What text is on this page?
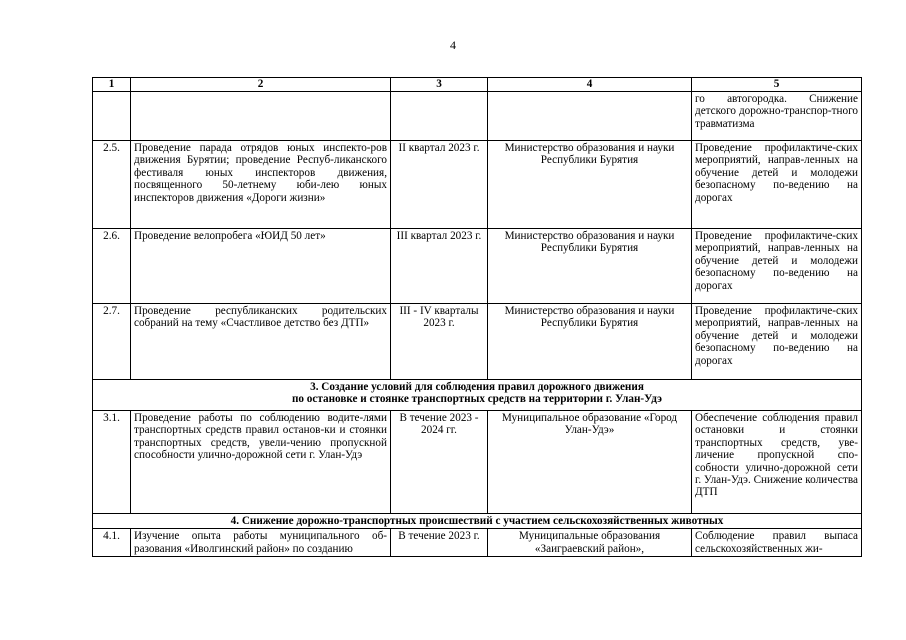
4
1	2	3	4	5
				го автогородка. Снижение детского дорожно-транспор-тного травматизма
2.5.	Проведение парада отрядов юных инспекто-ров движения Бурятии; проведение Респуб-ликанского фестиваля юных инспекторов движения, посвященного 50-летнему юби-лею юных инспекторов движения «Дороги жизни»	II квартал 2023 г.	Министерство образования и науки Республики Бурятия	Проведение профилактиче-ских мероприятий, направ-ленных на обучение детей и молодежи безопасному по-ведению на дорогах
2.6.	Проведение велопробега «ЮИД 50 лет»	III квартал 2023 г.	Министерство образования и науки Республики Бурятия	Проведение профилактиче-ских мероприятий, направ-ленных на обучение детей и молодежи безопасному по-ведению на дорогах
2.7.	Проведение республиканских родительских собраний на тему «Счастливое детство без ДТП»	III - IV кварталы 2023 г.	Министерство образования и науки Республики Бурятия	Проведение профилактиче-ских мероприятий, направ-ленных на обучение детей и молодежи безопасному по-ведению на дорогах

3. Создание условий для соблюдения правил дорожного движения
по остановке и стоянке транспортных средств на территории г. Улан-Удэ				

3.1.	Проведение работы по соблюдению водите-лями транспортных средств правил останов-ки и стоянки транспортных средств, увели-чению пропускной способности улично-дорожной сети г. Улан-Удэ	В течение 2023 - 2024 гг.	Муниципальное образование «Город Улан-Удэ»	Обеспечение соблюдения правил остановки и стоянки транспортных средств, уве-личение пропускной спо-собности улично-дорожной сети г. Улан-Удэ. Снижение количества ДТП
4. Снижение дорожно-транспортных происшествий с участием сельскохозяйственных животных				
4.1.	Изучение опыта работы муниципального об-разования «Иволгинский район» по созданию	В течение 2023 г.	Муниципальные образования «Заиграевский район»,	Соблюдение правил выпаса сельскохозяйственных жи-
